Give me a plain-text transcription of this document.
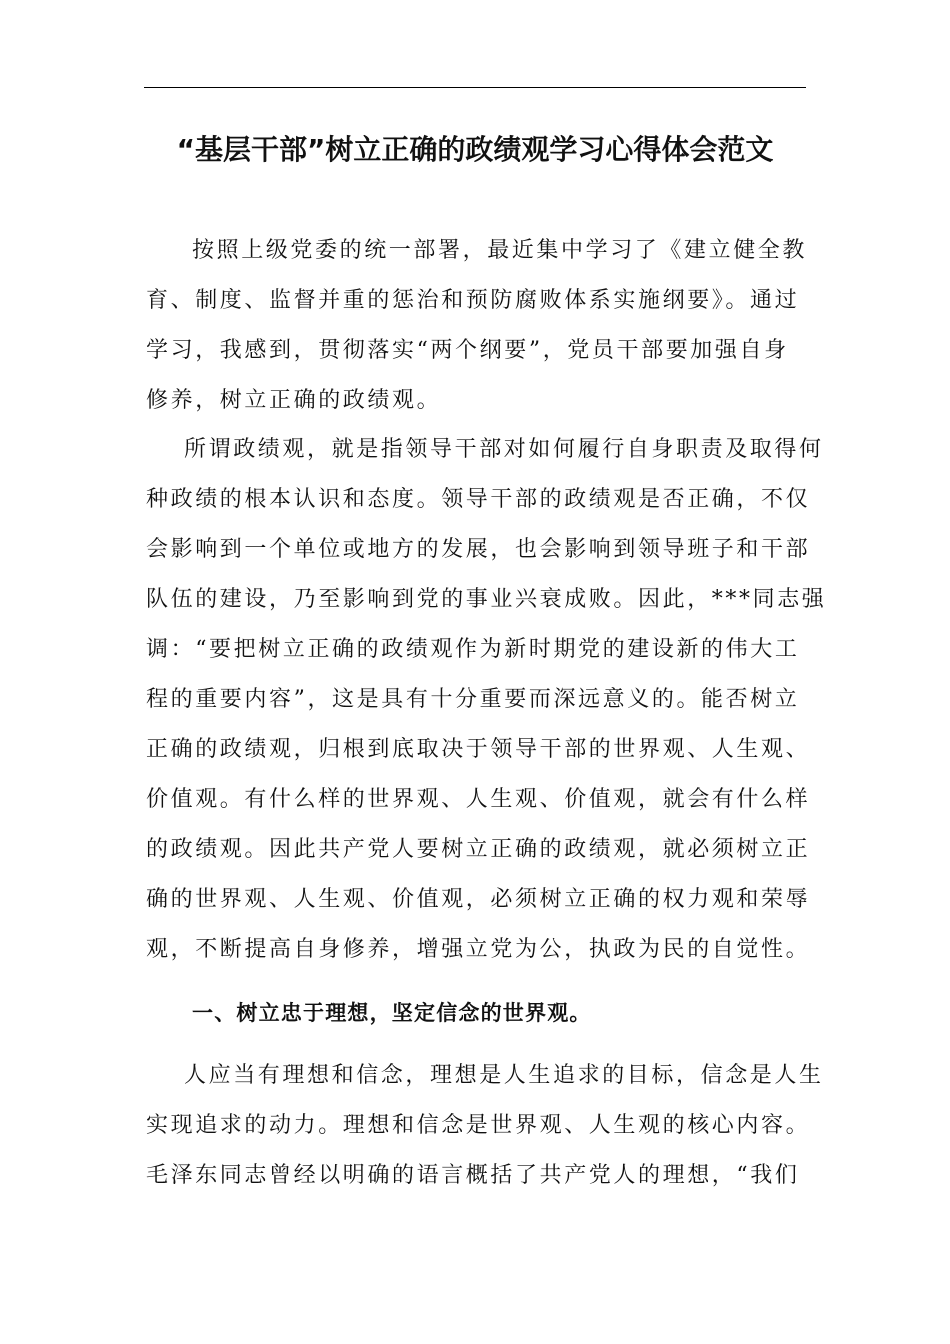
“基层干部”树立正确的政绩观学习心得体会范文
按照上级党委的统一部署，最近集中学习了《建立健全教
育、制度、监督并重的惩治和预防腐败体系实施纲要》。通过
学习，我感到，贯彻落实“两个纲要”，党员干部要加强自身
修养，树立正确的政绩观。
所谓政绩观，就是指领导干部对如何履行自身职责及取得何
种政绩的根本认识和态度。领导干部的政绩观是否正确，不仅
会影响到一个单位或地方的发展，也会影响到领导班子和干部
队伍的建设，乃至影响到党的事业兴衰成败。因此，***同志强
调：“要把树立正确的政绩观作为新时期党的建设新的伟大工
程的重要内容”，这是具有十分重要而深远意义的。能否树立
正确的政绩观，归根到底取决于领导干部的世界观、人生观、
价值观。有什么样的世界观、人生观、价值观，就会有什么样
的政绩观。因此共产党人要树立正确的政绩观，就必须树立正
确的世界观、人生观、价值观，必须树立正确的权力观和荣辱
观，不断提高自身修养，增强立党为公，执政为民的自觉性。
一、树立忠于理想，坚定信念的世界观。
人应当有理想和信念，理想是人生追求的目标，信念是人生
实现追求的动力。理想和信念是世界观、人生观的核心内容。
毛泽东同志曾经以明确的语言概括了共产党人的理想，“我们
